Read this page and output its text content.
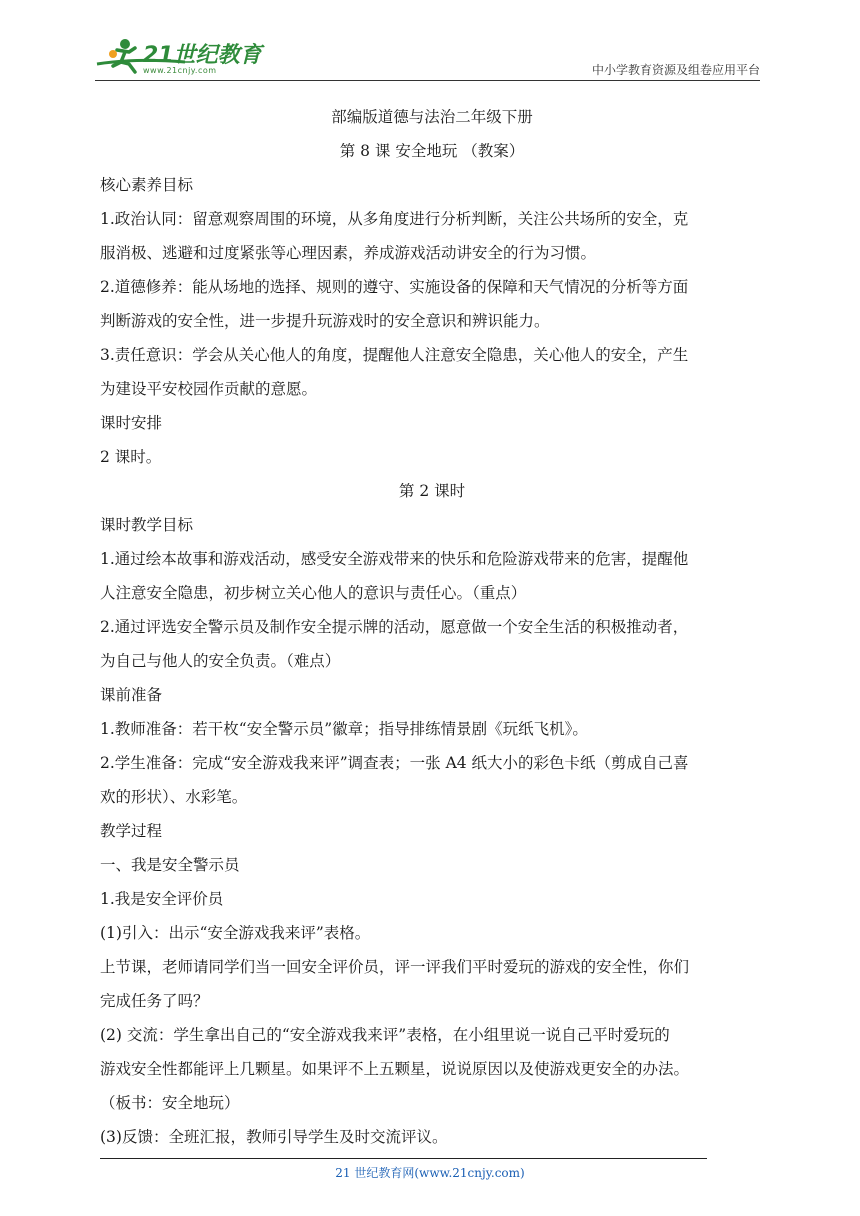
21世纪教育
www.21cnjy.com	中小学教育资源及组卷应用平台

部编版道德与法治二年级下册

第 8 课 安全地玩 （教案）

核心素养目标

1.政治认同：留意观察周围的环境，从多角度进行分析判断，关注公共场所的安全，克

服消极、逃避和过度紧张等心理因素，养成游戏活动讲安全的行为习惯。

2.道德修养：能从场地的选择、规则的遵守、实施设备的保障和天气情况的分析等方面

判断游戏的安全性，进一步提升玩游戏时的安全意识和辨识能力。

3.责任意识：学会从关心他人的角度，提醒他人注意安全隐患，关心他人的安全，产生

为建设平安校园作贡献的意愿。

课时安排

2 课时。

第 2 课时

课时教学目标

1.通过绘本故事和游戏活动，感受安全游戏带来的快乐和危险游戏带来的危害，提醒他

人注意安全隐患，初步树立关心他人的意识与责任心。（重点）

2.通过评选安全警示员及制作安全提示牌的活动，愿意做一个安全生活的积极推动者，

为自己与他人的安全负责。（难点）

课前准备

1.教师准备：若干枚“安全警示员”徽章；指导排练情景剧《玩纸飞机》。

2.学生准备：完成“安全游戏我来评”调查表；一张 A4 纸大小的彩色卡纸（剪成自己喜

欢的形状）、水彩笔。

教学过程

一、我是安全警示员

1.我是安全评价员

(1)引入：出示“安全游戏我来评”表格。

上节课，老师请同学们当一回安全评价员，评一评我们平时爱玩的游戏的安全性，你们

完成任务了吗？

(2) 交流：学生拿出自己的“安全游戏我来评”表格，在小组里说一说自己平时爱玩的

游戏安全性都能评上几颗星。如果评不上五颗星，说说原因以及使游戏更安全的办法。

（板书：安全地玩）

(3)反馈：全班汇报，教师引导学生及时交流评议。

21 世纪教育网(www.21cnjy.com)
